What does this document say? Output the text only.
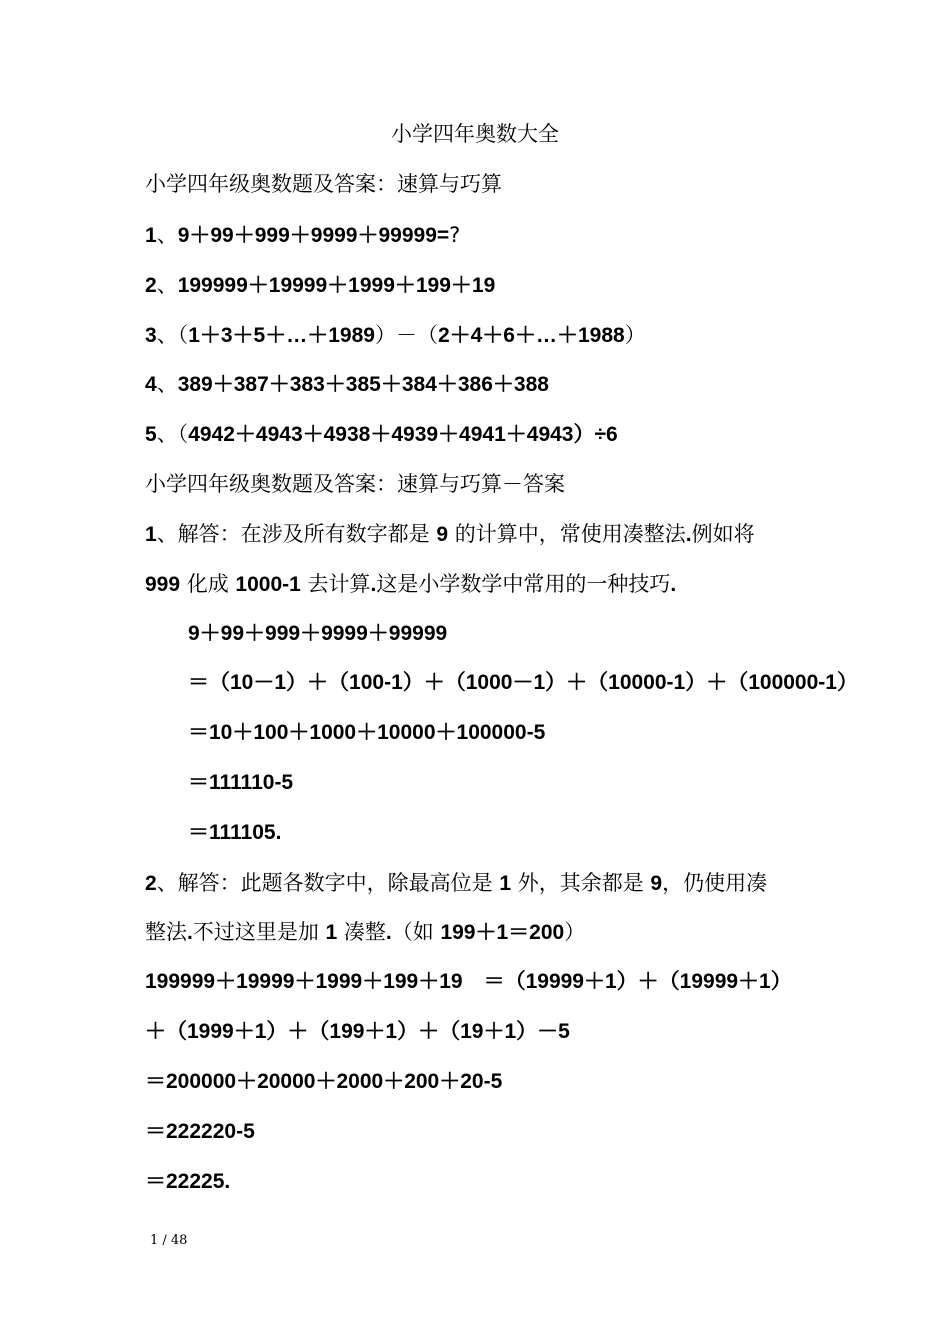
小学四年奥数大全
小学四年级奥数题及答案：速算与巧算
1、9＋99＋999＋9999＋99999=?
2、199999＋19999＋1999＋199＋19
3、（1＋3＋5＋…＋1989）－（2＋4＋6＋…＋1988）
4、389＋387＋383＋385＋384＋386＋388
5、（4942＋4943＋4938＋4939＋4941＋4943）÷6
小学四年级奥数题及答案：速算与巧算－答案
1、解答：在涉及所有数字都是 9 的计算中，常使用凑整法.例如将
999 化成 1000-1 去计算.这是小学数学中常用的一种技巧.
9＋99＋999＋9999＋99999
＝（10－1）＋（100-1）＋（1000－1）＋（10000-1）＋（100000-1）
＝10＋100＋1000＋10000＋100000-5
＝111110-5
＝111105.
2、解答：此题各数字中，除最高位是 1 外，其余都是 9，仍使用凑
整法.不过这里是加 1 凑整.（如 199＋1＝200）
199999＋19999＋1999＋199＋19　＝（19999＋1）＋（19999＋1）
＋（1999＋1）＋（199＋1）＋（19＋1）－5
＝200000＋20000＋2000＋200＋20-5
＝222220-5
＝22225.
1 / 48
